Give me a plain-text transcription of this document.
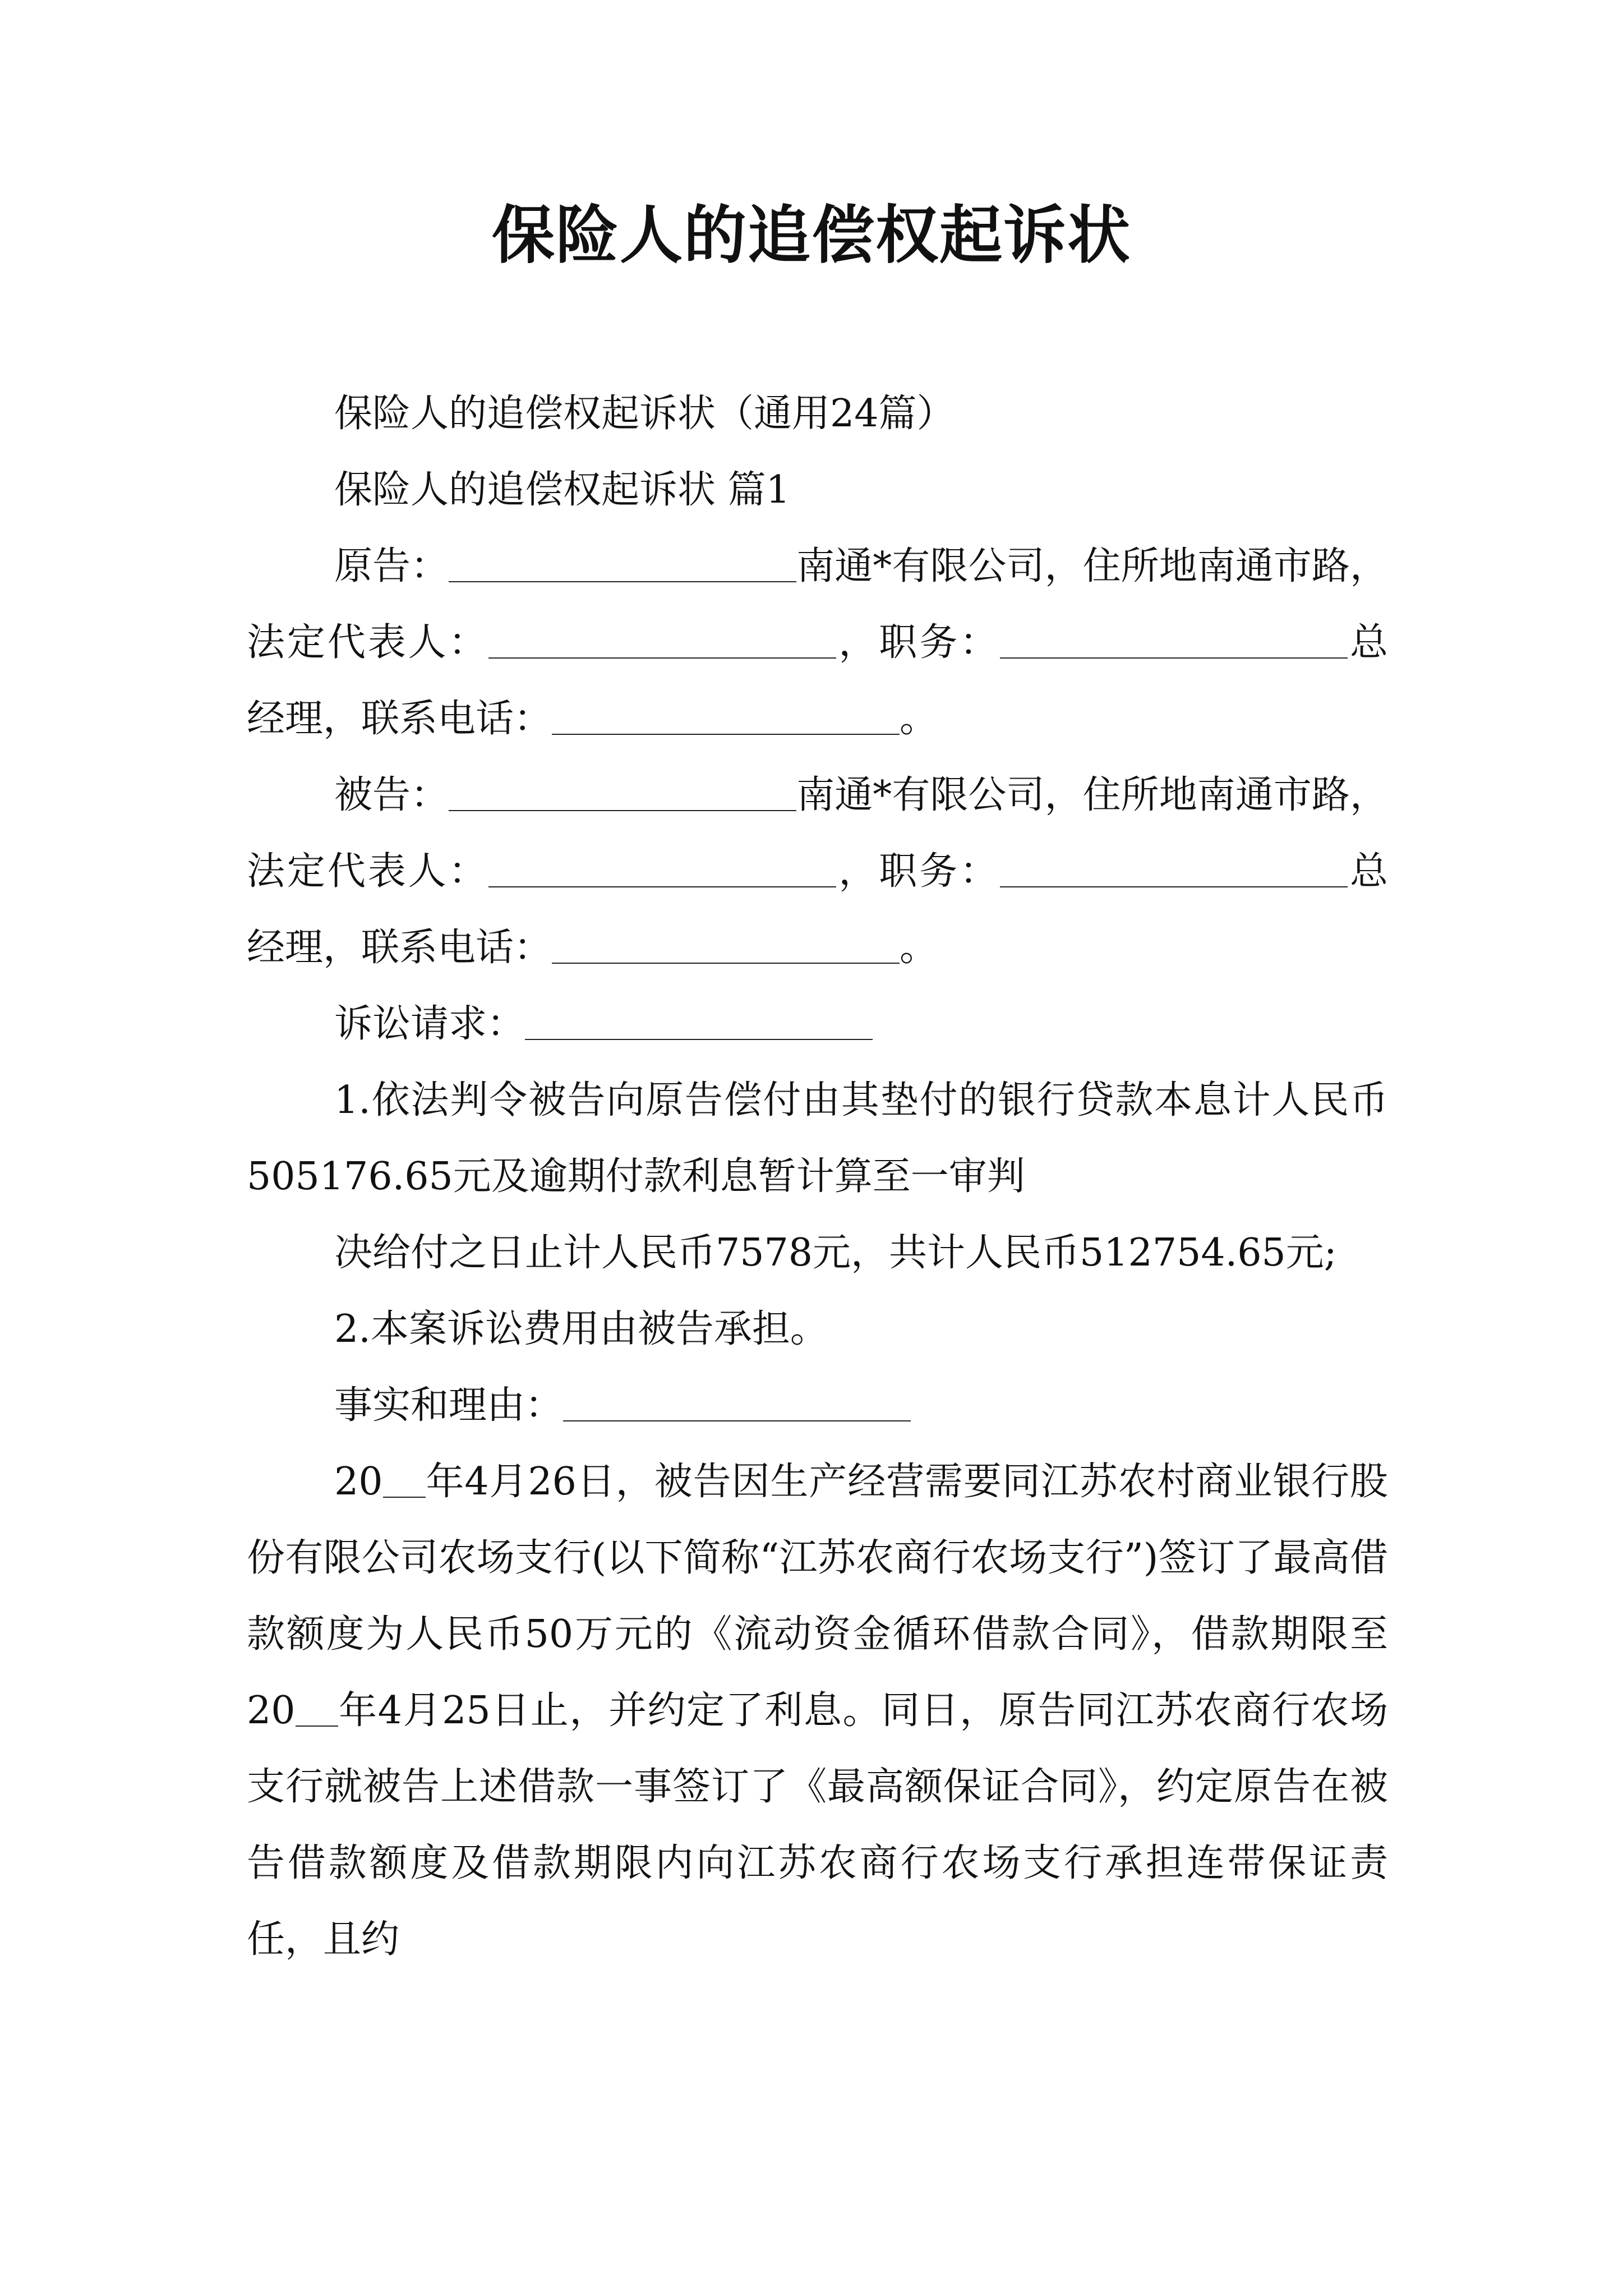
保险人的追偿权起诉状

保险人的追偿权起诉状（通用24篇）

保险人的追偿权起诉状 篇1

原告：	南通*有限公司，住所地南通市路，法定代表人：	，职务：	总经理，联系电话：	。

被告：	南通*有限公司，住所地南通市路，法定代表人：	，职务：	总经理，联系电话：	。

诉讼请求：

1.依法判令被告向原告偿付由其垫付的银行贷款本息计人民币505176.65元及逾期付款利息暂计算至一审判

决给付之日止计人民币7578元，共计人民币512754.65元;

2.本案诉讼费用由被告承担。

事实和理由：

20 年4月26日，被告因生产经营需要同江苏农村商业银行股份有限公司农场支行(以下简称“江苏农商行农场支行”)签订了最高借款额度为人民币50万元的《流动资金循环借款合同》，借款期限至20 年4月25日止，并约定了利息。同日，原告同江苏农商行农场支行就被告上述借款一事签订了《最高额保证合同》，约定原告在被告借款额度及借款期限内向江苏农商行农场支行承担连带保证责任，且约
